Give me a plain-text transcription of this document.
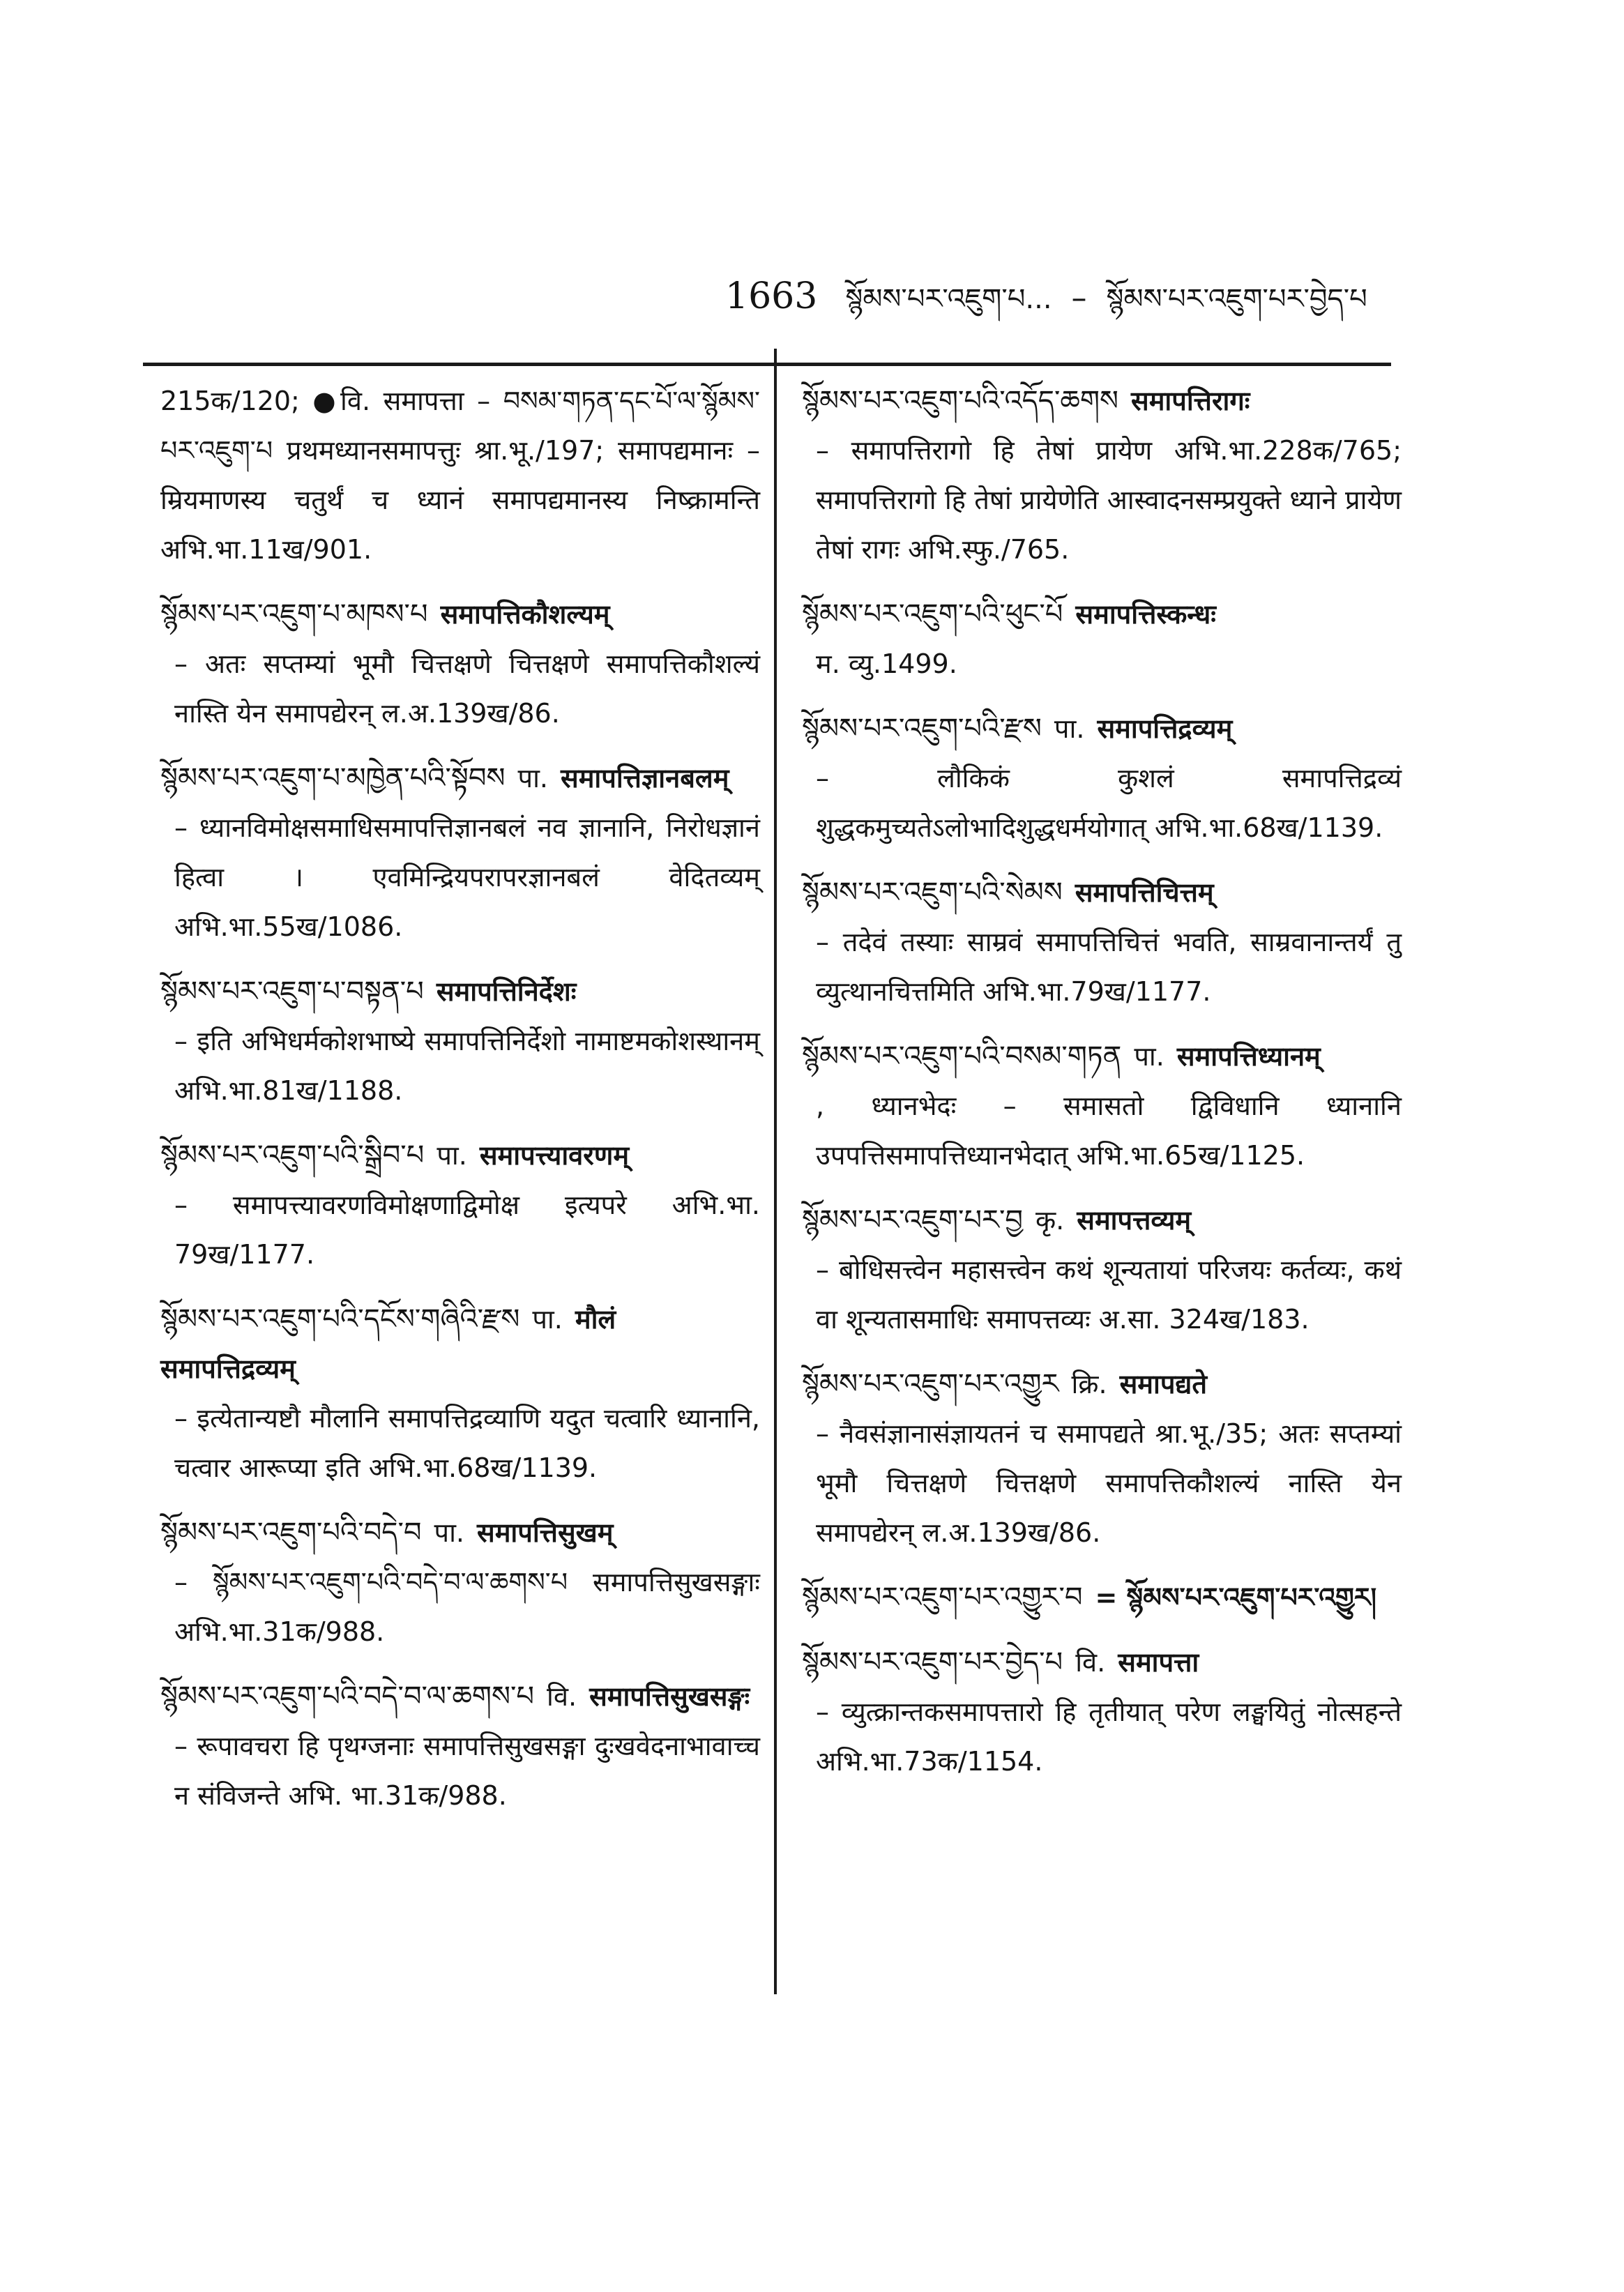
1663 སྙོམས་པར་འཇུག་པ... – སྙོམས་པར་འཇུག་པར་བྱེད་པ
215क/120; ●वि. समापत्ता – བསམ་གཏན་དང་པོ་ལ་སྙོམས་པར་འཇུག་པ प्रथमध्यानसमापत्तुः श्रा.भू./197; समापद्यमानः – म्रियमाणस्य चतुर्थं च ध्यानं समापद्यमानस्य निष्क्रामन्ति अभि.भा.11ख/901.
སྙོམས་པར་འཇུག་པ་མཁས་པ समापत्तिकौशल्यम्
– अतः सप्तम्यां भूमौ चित्तक्षणे चित्तक्षणे समापत्तिकौशल्यं नास्ति येन समापद्येरन् ल.अ.139ख/86.
སྙོམས་པར་འཇུག་པ་མཁྱེན་པའི་སྟོབས पा. समापत्तिज्ञानबलम्
– ध्यानविमोक्षसमाधिसमापत्तिज्ञानबलं नव ज्ञानानि, निरोधज्ञानं हित्वा । एवमिन्द्रियपरापरज्ञानबलं वेदितव्यम् अभि.भा.55ख/1086.
སྙོམས་པར་འཇུག་པ་བསྟན་པ समापत्तिनिर्देशः
– इति अभिधर्मकोशभाष्ये समापत्तिनिर्देशो नामाष्टमकोशस्थानम् अभि.भा.81ख/1188.
སྙོམས་པར་འཇུག་པའི་སྒྲིབ་པ पा. समापत्त्यावरणम्
– समापत्त्यावरणविमोक्षणाद्विमोक्ष इत्यपरे अभि.भा. 79ख/1177.
སྙོམས་པར་འཇུག་པའི་དངོས་གཞིའི་རྫས पा. मौलं समापत्तिद्रव्यम्
– इत्येतान्यष्टौ मौलानि समापत्तिद्रव्याणि यदुत चत्वारि ध्यानानि, चत्वार आरूप्या इति अभि.भा.68ख/1139.
སྙོམས་པར་འཇུག་པའི་བདེ་བ पा. समापत्तिसुखम्
– སྙོམས་པར་འཇུག་པའི་བདེ་བ་ལ་ཆགས་པ समापत्तिसुखसङ्गाः अभि.भा.31क/988.
སྙོམས་པར་འཇུག་པའི་བདེ་བ་ལ་ཆགས་པ वि. समापत्तिसुखसङ्गः
– रूपावचरा हि पृथग्जनाः समापत्तिसुखसङ्गा दुःखवेदनाभावाच्च न संविजन्ते अभि. भा.31क/988.
སྙོམས་པར་འཇུག་པའི་འདོད་ཆགས समापत्तिरागः
– समापत्तिरागो हि तेषां प्रायेण अभि.भा.228क/765; समापत्तिरागो हि तेषां प्रायेणेति आस्वादनसम्प्रयुक्ते ध्याने प्रायेण तेषां रागः अभि.स्फु./765.
སྙོམས་པར་འཇུག་པའི་ཕུང་པོ समापत्तिस्कन्धः
म. व्यु.1499.
སྙོམས་པར་འཇུག་པའི་རྫས पा. समापत्तिद्रव्यम्
– लौकिकं कुशलं समापत्तिद्रव्यं शुद्धकमुच्यतेऽलोभादिशुद्धधर्मयोगात् अभि.भा.68ख/1139.
སྙོམས་པར་འཇུག་པའི་སེམས समापत्तिचित्तम्
– तदेवं तस्याः साम्रवं समापत्तिचित्तं भवति, साम्रवानान्तर्यं तु व्युत्थानचित्तमिति अभि.भा.79ख/1177.
སྙོམས་པར་འཇུག་པའི་བསམ་གཏན पा. समापत्तिध्यानम्
, ध्यानभेदः – समासतो द्विविधानि ध्यानानि उपपत्तिसमापत्तिध्यानभेदात् अभि.भा.65ख/1125.
སྙོམས་པར་འཇུག་པར་བྱ कृ. समापत्तव्यम्
– बोधिसत्त्वेन महासत्त्वेन कथं शून्यतायां परिजयः कर्तव्यः, कथं वा शून्यतासमाधिः समापत्तव्यः अ.सा. 324ख/183.
སྙོམས་པར་འཇུག་པར་འགྱུར क्रि. समापद्यते
– नैवसंज्ञानासंज्ञायतनं च समापद्यते श्रा.भू./35; अतः सप्तम्यां भूमौ चित्तक्षणे चित्तक्षणे समापत्तिकौशल्यं नास्ति येन समापद्येरन् ल.अ.139ख/86.
སྙོམས་པར་འཇུག་པར་འགྱུར་བ = སྙོམས་པར་འཇུག་པར་འགྱུར།
སྙོམས་པར་འཇུག་པར་བྱེད་པ वि. समापत्ता
– व्युत्क्रान्तकसमापत्तारो हि तृतीयात् परेण लङ्घयितुं नोत्सहन्ते अभि.भा.73क/1154.
